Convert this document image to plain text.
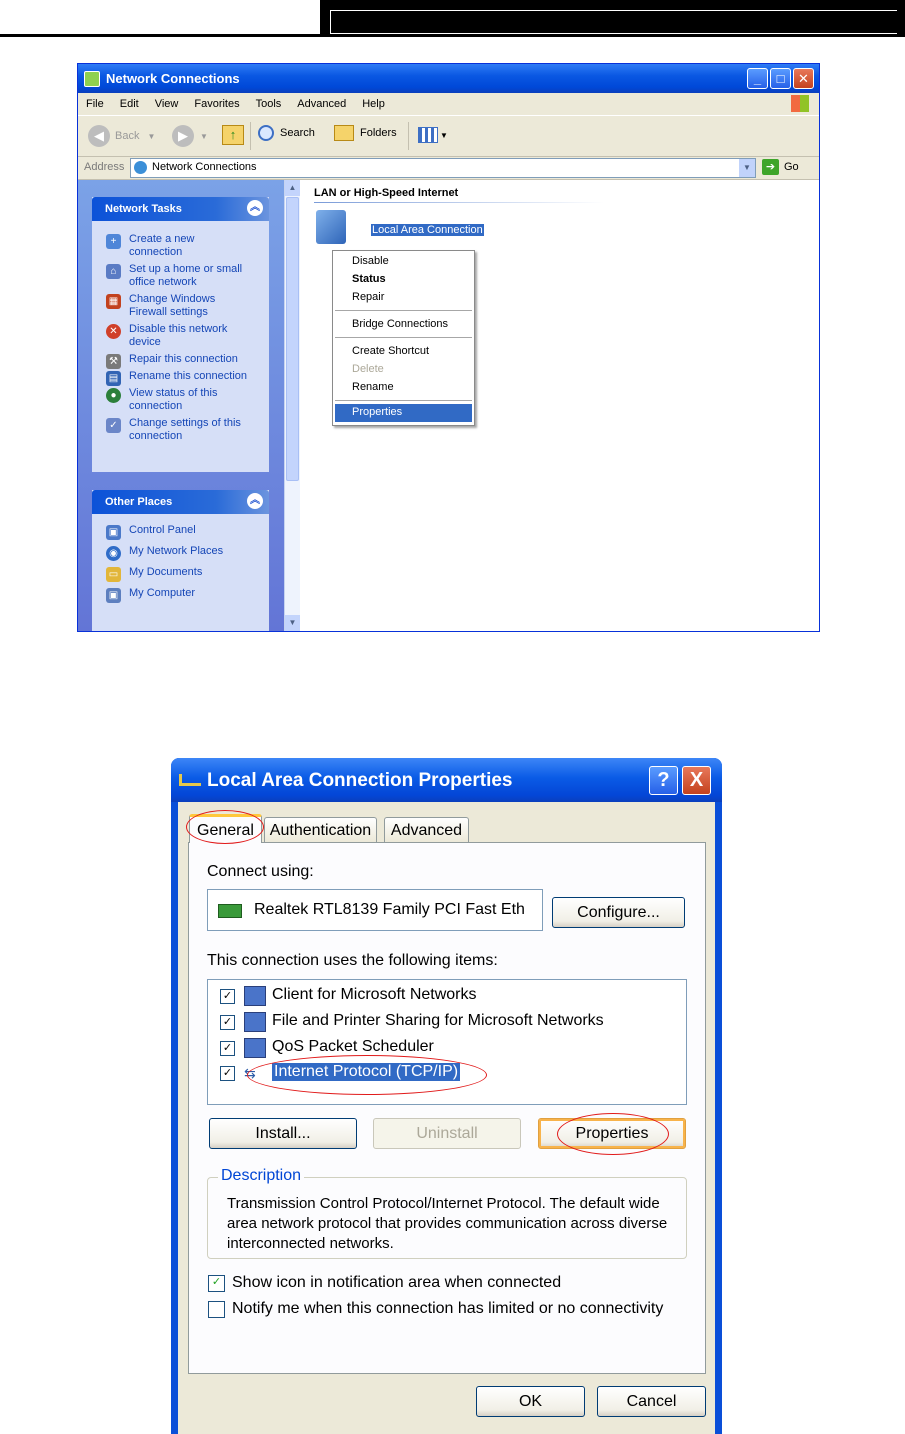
Network Connections	_	□	✕
File	Edit	View	Favorites	Tools	Advanced	Help
◀	Back ▼	▶	▼	↑	Search	Folders	▼
Address	Network Connections	▼	➔ Go
Network Tasks	︽
+	Create a new
connection
⌂	Set up a home or small
office network
▦ Change Windows
Firewall settings
✕	Disable this network
device
⚒ Repair this connection
▤ Rename this connection
●	View status of this
connection
✓	Change settings of this
connection
Other Places	︽
▣ Control Panel
◉ My Network Places
▭ My Documents
▣ My Computer
▲
▼
LAN or High-Speed Internet
Local Area Connection
Disable
Status
Repair
Bridge Connections
Create Shortcut
Delete
Rename
Properties
Local Area Connection Properties	?	X
General Authentication	Advanced
Connect using:
Realtek RTL8139 Family PCI Fast Eth	Configure...
This connection uses the following items:
✓ Client for Microsoft Networks
✓ File and Printer Sharing for Microsoft Networks
✓ QoS Packet Scheduler
✓ ⇆	Internet Protocol (TCP/IP)
Install...	Uninstall	Properties
Description
Transmission Control Protocol/Internet Protocol. The default wide area network protocol that provides communication across diverse interconnected networks.
✓ Show icon in notification area when connected
Notify me when this connection has limited or no connectivity
OK	Cancel
